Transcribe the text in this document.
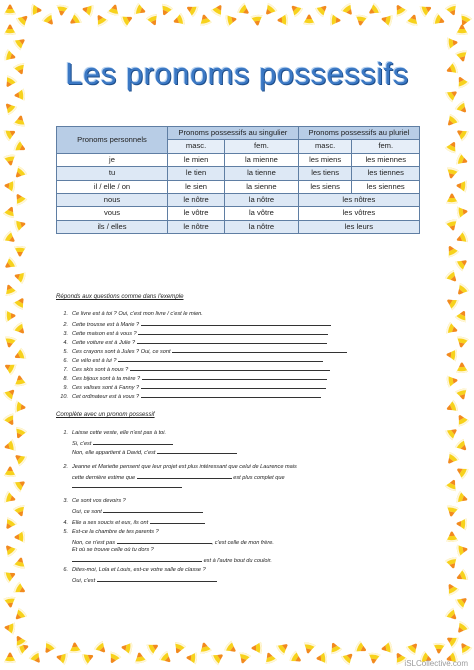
Les pronoms possessifs
Pronoms personnels	Pronoms possessifs au singulier		Pronoms possessifs au pluriel	
	masc.	fem.	masc.	fem.
je	le mien	la mienne	les miens	les miennes
tu	le tien	la tienne	les tiens	les tiennes
il / elle / on	le sien	la sienne	les siens	les siennes
nous	le nôtre	la nôtre	les nôtres	
vous	le vôtre	la vôtre	les vôtres	
ils / elles	le nôtre	la nôtre	les leurs	
Réponds aux questions comme dans l'exemple
1. Ce livre est à toi ? Oui, c'est mon livre / c'est le mien.
2. Cette trousse est à Marie ?
3. Cette maison est à vous ?
4. Cette voiture est à Julie ?
5. Ces crayons sont à Jules ? Oui, ce sont
6. Ce vélo est à lui ?
7. Ces skis sont à nous ?
8. Ces bijoux sont à ta mère ?
9. Ces valises sont à Fanny ?
10. Cet ordinateur est à vous ?
Complète avec un pronom possessif
1. Laisse cette veste, elle n'est pas à toi.
Si, c'est
Non, elle appartient à David, c'est
2. Jeanne et Mariette pensent que leur projet est plus intéressant que celui de Laurence mais
cette dernière estime que	est plus complet que
3. Ce sont vos devoirs ?
Oui, ce sont
4. Elle a ses soucis et eux, ils ont
5. Est-ce la chambre de tes parents ?
Non, ce n'est pas	, c'est celle de mon frère.
Et où se trouve celle où tu dors ?
est à l'autre bout du couloir.
6. Dites-moi, Lola et Louis, est-ce votre salle de classe ?
Oui, c'est
iSLCollective.com
